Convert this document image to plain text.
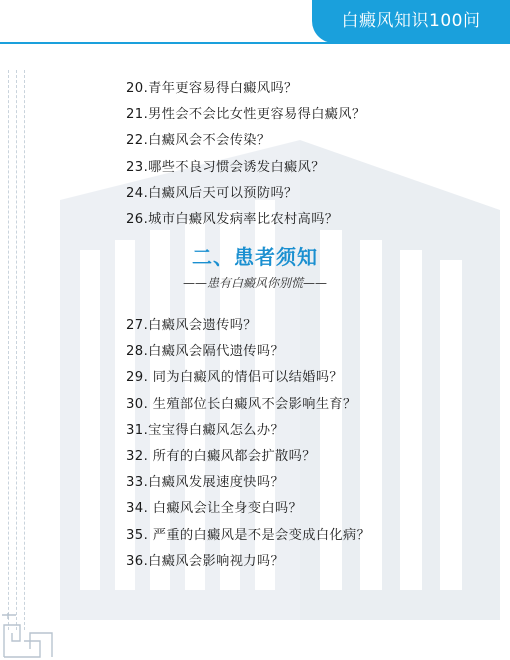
白癜风知识100问
20.青年更容易得白癜风吗？
21.男性会不会比女性更容易得白癜风？
22.白癜风会不会传染？
23.哪些不良习惯会诱发白癜风？
24.白癜风后天可以预防吗？
26.城市白癜风发病率比农村高吗？
二、患者须知
——患有白癜风你别慌——
27.白癜风会遗传吗？
28.白癜风会隔代遗传吗？
29. 同为白癜风的情侣可以结婚吗？
30. 生殖部位长白癜风不会影响生育？
31.宝宝得白癜风怎么办？
32. 所有的白癜风都会扩散吗？
33.白癜风发展速度快吗？
34. 白癜风会让全身变白吗？
35. 严重的白癜风是不是会变成白化病？
36.白癜风会影响视力吗？
